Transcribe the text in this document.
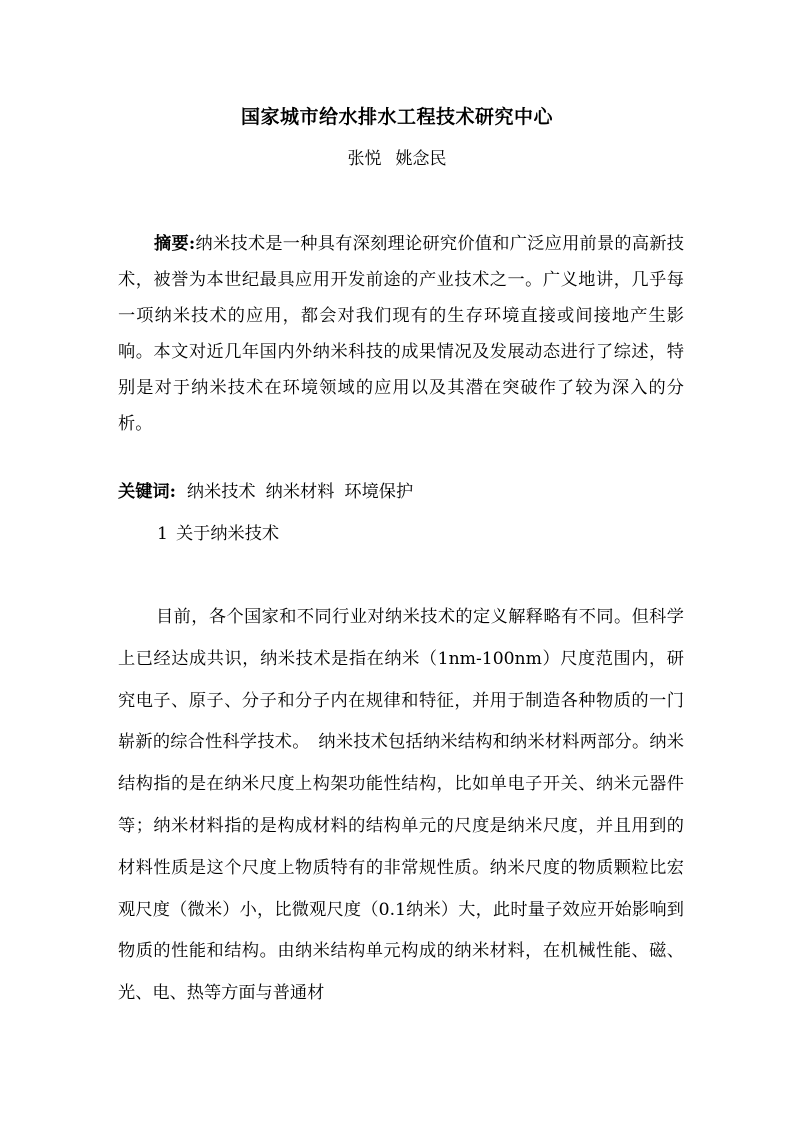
国家城市给水排水工程技术研究中心

张悦 姚念民

摘要:纳米技术是一种具有深刻理论研究价值和广泛应用前景的高新技术，被誉为本世纪最具应用开发前途的产业技术之一。广义地讲，几乎每一项纳米技术的应用，都会对我们现有的生存环境直接或间接地产生影响。本文对近几年国内外纳米科技的成果情况及发展动态进行了综述，特别是对于纳米技术在环境领域的应用以及其潜在突破作了较为深入的分析。

关键词: 纳米技术 纳米材料 环境保护

1 关于纳米技术

目前，各个国家和不同行业对纳米技术的定义解释略有不同。但科学上已经达成共识，纳米技术是指在纳米（1nm-100nm）尺度范围内，研究电子、原子、分子和分子内在规律和特征，并用于制造各种物质的一门崭新的综合性科学技术。　纳米技术包括纳米结构和纳米材料两部分。纳米结构指的是在纳米尺度上构架功能性结构，比如单电子开关、纳米元器件等；纳米材料指的是构成材料的结构单元的尺度是纳米尺度，并且用到的材料性质是这个尺度上物质特有的非常规性质。纳米尺度的物质颗粒比宏观尺度（微米）小，比微观尺度（0.1纳米）大，此时量子效应开始影响到物质的性能和结构。由纳米结构单元构成的纳米材料，在机械性能、磁、光、电、热等方面与普通材
